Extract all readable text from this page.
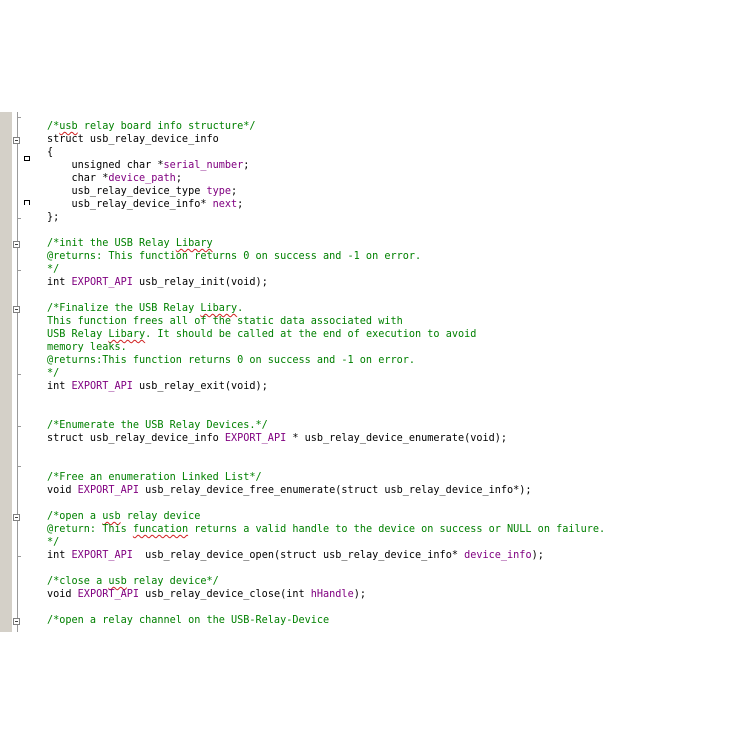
/*usb relay board info structure*/
struct usb_relay_device_info
{
unsigned char *serial_number;
char *device_path;
usb_relay_device_type type;
usb_relay_device_info* next;
};

/*init the USB Relay Libary
@returns: This function returns 0 on success and -1 on error.
*/
int EXPORT_API usb_relay_init(void);

/*Finalize the USB Relay Libary.
This function frees all of the static data associated with
USB Relay Libary. It should be called at the end of execution to avoid
memory leaks.
@returns:This function returns 0 on success and -1 on error.
*/
int EXPORT_API usb_relay_exit(void);

/*Enumerate the USB Relay Devices.*/
struct usb_relay_device_info EXPORT_API * usb_relay_device_enumerate(void);

/*Free an enumeration Linked List*/
void EXPORT_API usb_relay_device_free_enumerate(struct usb_relay_device_info*);

/*open a usb relay device
@return: This funcation returns a valid handle to the device on success or NULL on failure.
*/
int EXPORT_API  usb_relay_device_open(struct usb_relay_device_info* device_info);

/*close a usb relay device*/
void EXPORT_API usb_relay_device_close(int hHandle);

/*open a relay channel on the USB-Relay-Device
